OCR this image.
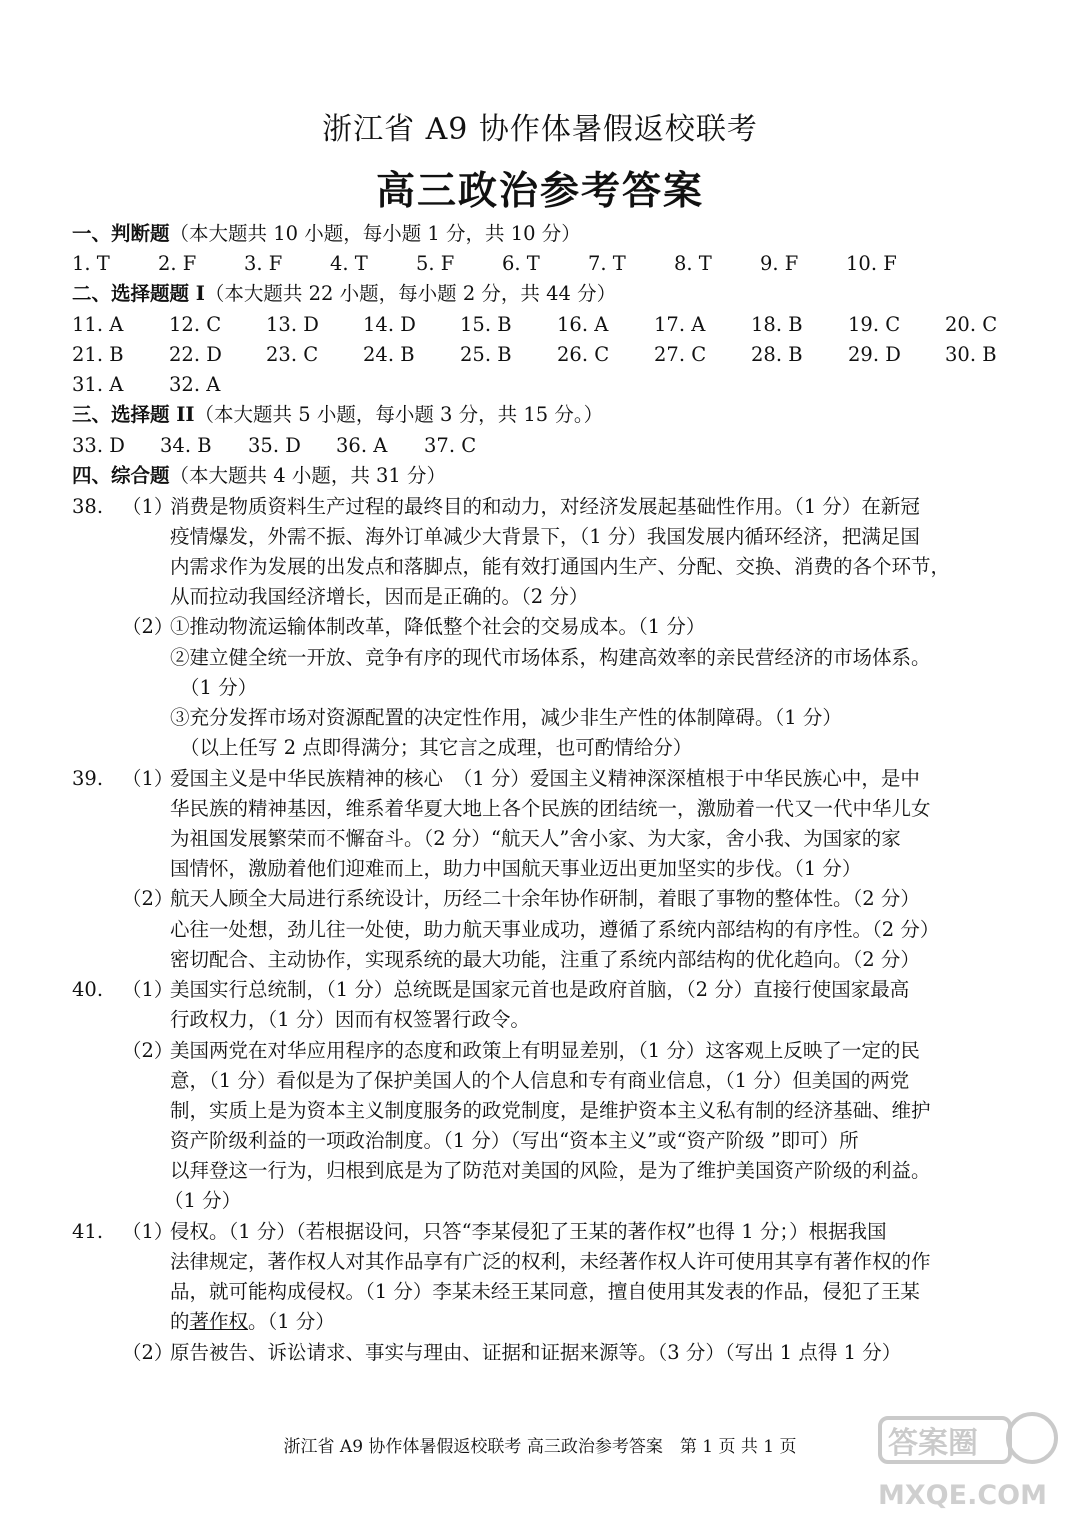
浙江省 A9 协作体暑假返校联考
高三政治参考答案
一、判断题（本大题共 10 小题，每小题 1 分，共 10 分）
1. T 2. F 3. F 4. T 5. F 6. T 7. T 8. T 9. F 10. F
二、选择题题 I（本大题共 22 小题，每小题 2 分，共 44 分）
11. A 12. C 13. D 14. D 15. B 16. A 17. A 18. B 19. C 20. C
21. B 22. D 23. C 24. B 25. B 26. C 27. C 28. B 29. D 30. B
31. A 32. A
三、选择题 II（本大题共 5 小题，每小题 3 分，共 15 分。）
33. D 34. B 35. D 36. A 37. C
四、综合题（本大题共 4 小题，共 31 分）
38. （1）
消费是物质资料生产过程的最终目的和动力，对经济发展起基础性作用。（1 分）在新冠
疫情爆发，外需不振、海外订单减少大背景下，（1 分）我国发展内循环经济，把满足国
内需求作为发展的出发点和落脚点，能有效打通国内生产、分配、交换、消费的各个环节，
从而拉动我国经济增长，因而是正确的。（2 分）
（2）
①推动物流运输体制改革，降低整个社会的交易成本。（1 分）
②建立健全统一开放、竞争有序的现代市场体系，构建高效率的亲民营经济的市场体系。
（1 分）
③充分发挥市场对资源配置的决定性作用，减少非生产性的体制障碍。（1 分）
（以上任写 2 点即得满分；其它言之成理，也可酌情给分）
39. （1）
爱国主义是中华民族精神的核心　（1 分）爱国主义精神深深植根于中华民族心中，是中
华民族的精神基因，维系着华夏大地上各个民族的团结统一，激励着一代又一代中华儿女
为祖国发展繁荣而不懈奋斗。（2 分）“航天人”舍小家、为大家，舍小我、为国家的家
国情怀，激励着他们迎难而上，助力中国航天事业迈出更加坚实的步伐。（1 分）
（2）
航天人顾全大局进行系统设计，历经二十余年协作研制，着眼了事物的整体性。（2 分）
心往一处想，劲儿往一处使，助力航天事业成功，遵循了系统内部结构的有序性。（2 分）
密切配合、主动协作，实现系统的最大功能，注重了系统内部结构的优化趋向。（2 分）
40. （1）
美国实行总统制，（1 分）总统既是国家元首也是政府首脑，（2 分）直接行使国家最高
行政权力，（1 分）因而有权签署行政令。
（2）
美国两党在对华应用程序的态度和政策上有明显差别，（1 分）这客观上反映了一定的民
意，（1 分）看似是为了保护美国人的个人信息和专有商业信息，（1 分）但美国的两党
制，实质上是为资本主义制度服务的政党制度，是维护资本主义私有制的经济基础、维护
资产阶级利益的一项政治制度。（1 分）（写出“资本主义”或“资产阶级 ”即可）所
以拜登这一行为，归根到底是为了防范对美国的风险，是为了维护美国资产阶级的利益。
（1 分）
41. （1）
侵权。（1 分）（若根据设问，只答“李某侵犯了王某的著作权”也得 1 分；）根据我国
法律规定，著作权人对其作品享有广泛的权利，未经著作权人许可使用其享有著作权的作
品，就可能构成侵权。（1 分）李某未经王某同意，擅自使用其发表的作品，侵犯了王某
的著作权。（1 分）
（2）
原告被告、诉讼请求、事实与理由、证据和证据来源等。（3 分）（写出 1 点得 1 分）
浙江省 A9 协作体暑假返校联考 高三政治参考答案　第 1 页 共 1 页	答案圈
MXQE.COM
